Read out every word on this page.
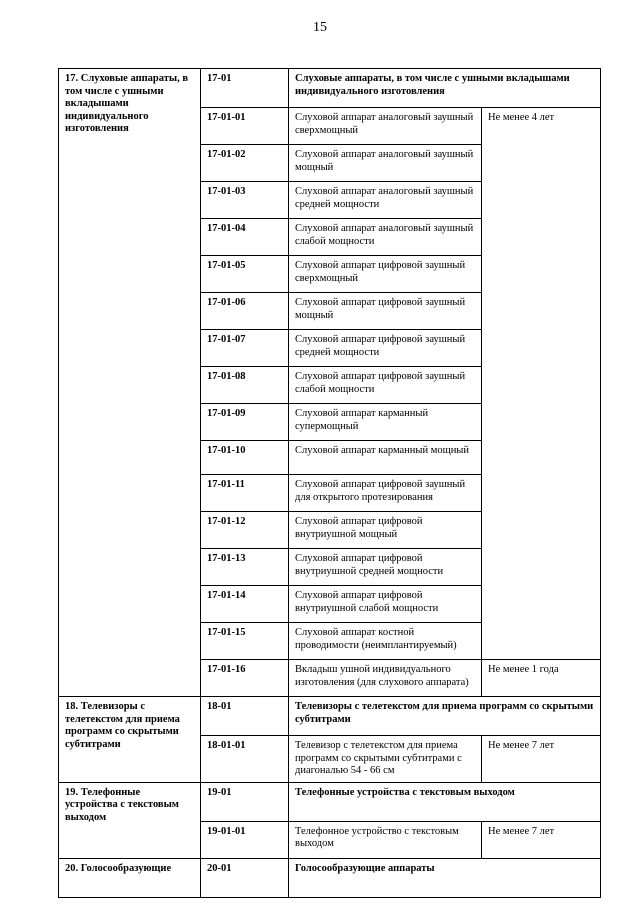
15
17. Слуховые аппараты, в том числе с ушными вкладышами индивидуального изготовления	17-01	Слуховые аппараты, в том числе с ушными вкладышами индивидуального изготовления	
	17-01-01	Слуховой аппарат аналоговый заушный сверхмощный	Не менее 4 лет
	17-01-02	Слуховой аппарат аналоговый заушный мощный	
	17-01-03	Слуховой аппарат аналоговый заушный средней мощности	
	17-01-04	Слуховой аппарат аналоговый заушный слабой мощности	
	17-01-05	Слуховой аппарат цифровой заушный сверхмощный	
	17-01-06	Слуховой аппарат цифровой заушный мощный	
	17-01-07	Слуховой аппарат цифровой заушный средней мощности	
	17-01-08	Слуховой аппарат цифровой заушный слабой мощности	
	17-01-09	Слуховой аппарат карманный супермощный	
	17-01-10	Слуховой аппарат карманный мощный	
	17-01-11	Слуховой аппарат цифровой заушный для открытого протезирования	
	17-01-12	Слуховой аппарат цифровой внутриушной мощный	
	17-01-13	Слуховой аппарат цифровой внутриушной средней мощности	
	17-01-14	Слуховой аппарат цифровой внутриушной слабой мощности	
	17-01-15	Слуховой аппарат костной проводимости (неимплантируемый)	
	17-01-16	Вкладыш ушной индивидуального изготовления (для слухового аппарата)	Не менее 1 года
18. Телевизоры с телетекстом для приема программ со скрытыми субтитрами	18-01	Телевизоры с телетекстом для приема программ со скрытыми субтитрами	
	18-01-01	Телевизор с телетекстом для приема программ со скрытыми субтитрами с диагональю 54 - 66 см	Не менее 7 лет
19. Телефонные устройства с текстовым выходом	19-01	Телефонные устройства с текстовым выходом	
	19-01-01	Телефонное устройство с текстовым выходом	Не менее 7 лет
20. Голосообразующие	20-01	Голосообразующие аппараты	
